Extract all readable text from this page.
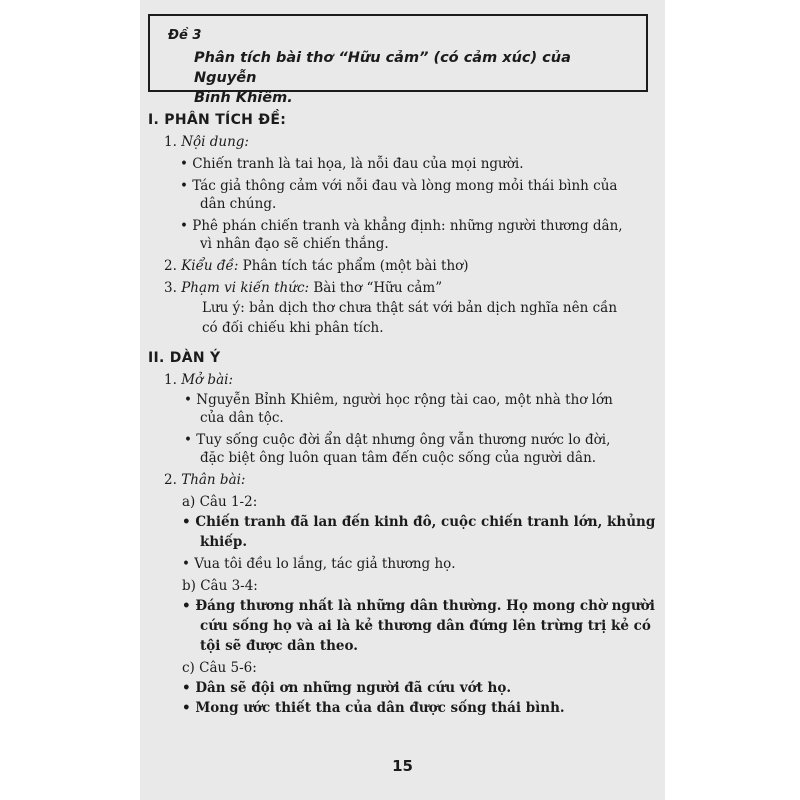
Đề 3
Phân tích bài thơ “Hữu cảm” (có cảm xúc) của Nguyễn
Bỉnh Khiêm.
I. PHÂN TÍCH ĐỀ:
1. Nội dung:
• Chiến tranh là tai họa, là nỗi đau của mọi người.
• Tác giả thông cảm với nỗi đau và lòng mong mỏi thái bình của
dân chúng.
• Phê phán chiến tranh và khẳng định: những người thương dân,
vì nhân đạo sẽ chiến thắng.
2. Kiểu đề: Phân tích tác phẩm (một bài thơ)
3. Phạm vi kiến thức: Bài thơ “Hữu cảm”
Lưu ý: bản dịch thơ chưa thật sát với bản dịch nghĩa nên cần
có đối chiếu khi phân tích.
II. DÀN Ý
1. Mở bài:
• Nguyễn Bỉnh Khiêm, người học rộng tài cao, một nhà thơ lớn
của dân tộc.
• Tuy sống cuộc đời ẩn dật nhưng ông vẫn thương nước lo đời,
đặc biệt ông luôn quan tâm đến cuộc sống của người dân.
2. Thân bài:
a) Câu 1-2:
• Chiến tranh đã lan đến kinh đô, cuộc chiến tranh lớn, khủng
khiếp.
• Vua tôi đều lo lắng, tác giả thương họ.
b) Câu 3-4:
• Đáng thương nhất là những dân thường. Họ mong chờ người
cứu sống họ và ai là kẻ thương dân đứng lên trừng trị kẻ có
tội sẽ được dân theo.
c) Câu 5-6:
• Dân sẽ đội ơn những người đã cứu vớt họ.
• Mong ước thiết tha của dân được sống thái bình.
15
